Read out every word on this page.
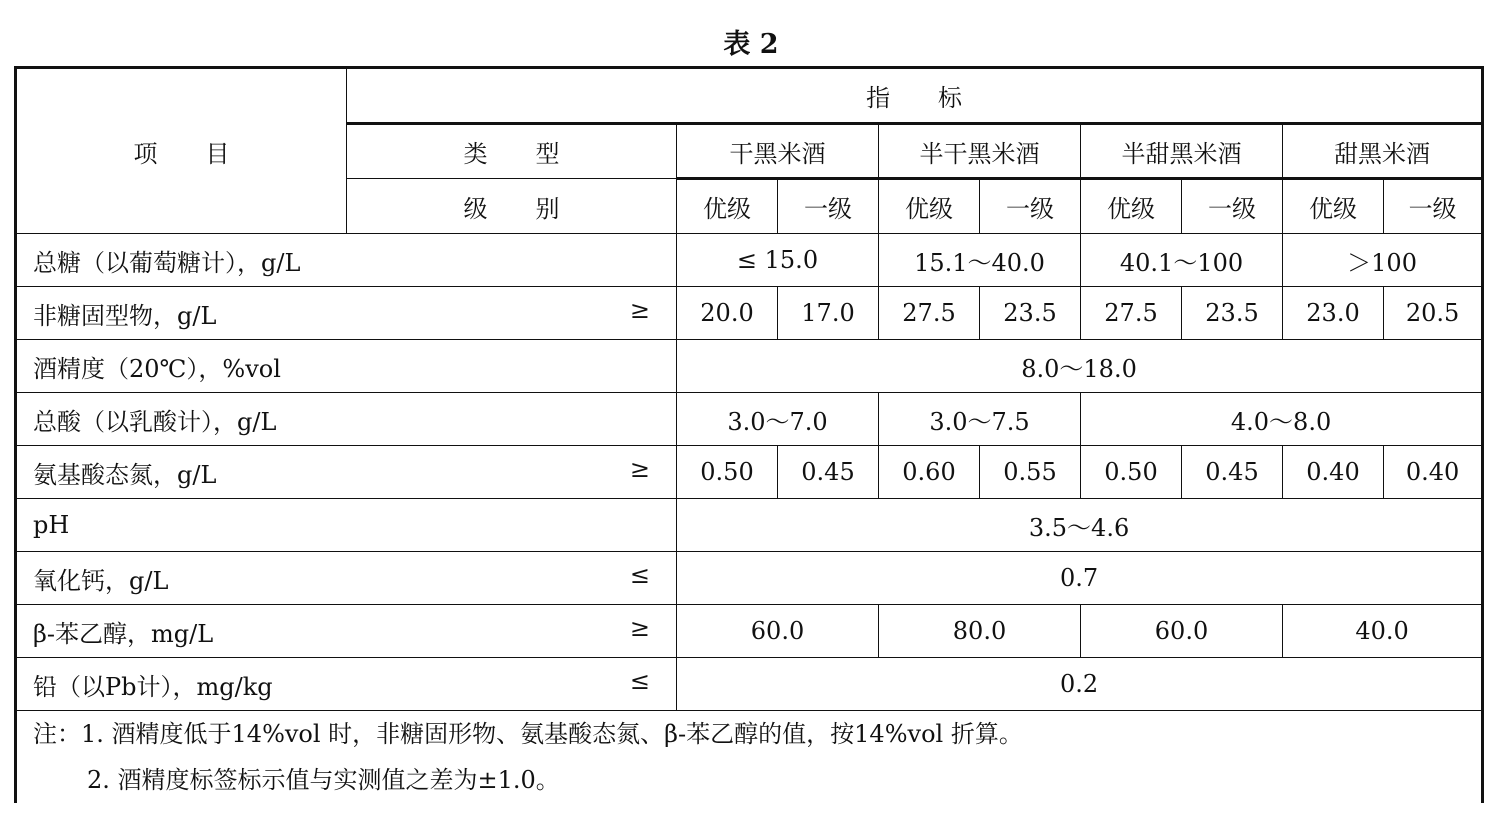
表 2
项　　目	指　　标								
	类　　型	干黑米酒		半干黑米酒		半甜黑米酒		甜黑米酒	
	级　　别	优级	一级	优级	一级	优级	一级	优级	一级
总糖（以葡萄糖计），g/L		≤ 15.0		15.1～40.0		40.1～100		＞100	
非糖固型物，g/L ≥		20.0	17.0	27.5	23.5	27.5	23.5	23.0	20.5
酒精度（20℃），%vol		8.0～18.0							
总酸（以乳酸计），g/L		3.0～7.0		3.0～7.5		4.0～8.0			
氨基酸态氮，g/L ≥		0.50	0.45	0.60	0.55	0.50	0.45	0.40	0.40
pH		3.5～4.6							
氧化钙，g/L ≤		0.7							
β-苯乙醇，mg/L ≥		60.0		80.0		60.0		40.0	
铅（以Pb计），mg/kg ≤		0.2							

注：1. 酒精度低于14%vol 时，非糖固形物、氨基酸态氮、β-苯乙醇的值，按14%vol 折算。
2. 酒精度标签标示值与实测值之差为±1.0。									
